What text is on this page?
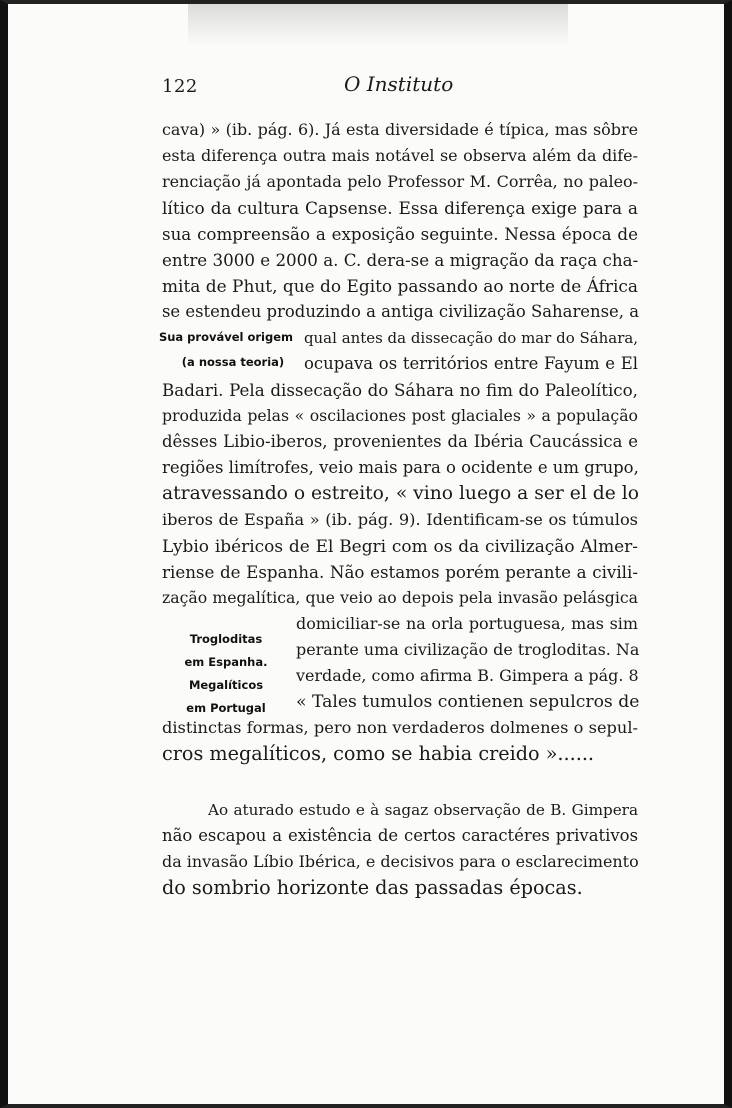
122	O Instituto
cava) » (ib. pág. 6). Já esta diversidade é típica, mas sôbre
esta diferença outra mais notável se observa além da dife-
renciação já apontada pelo Professor M. Corrêa, no paleo-
lítico da cultura Capsense. Essa diferença exige para a
sua compreensão a exposição seguinte. Nessa época de
entre 3000 e 2000 a. C. dera-se a migração da raça cha-
mita de Phut, que do Egito passando ao norte de África
se estendeu produzindo a antiga civilização Saharense, a
qual antes da dissecação do mar do Sáhara,
ocupava os territórios entre Fayum e El
Badari. Pela dissecação do Sáhara no fim do Paleolítico,
produzida pelas « oscilaciones post glaciales » a população
dêsses Libio-iberos, provenientes da Ibéria Caucássica e
regiões limítrofes, veio mais para o ocidente e um grupo,
atravessando o estreito, « vino luego a ser el de lo
iberos de España » (ib. pág. 9). Identificam-se os túmulos
Lybio ibéricos de El Begri com os da civilização Almer-
riense de Espanha. Não estamos porém perante a civili-
zação megalítica, que veio ao depois pela invasão pelásgica
domiciliar-se na orla portuguesa, mas sim
perante uma civilização de trogloditas. Na
verdade, como afirma B. Gimpera a pág. 8
« Tales tumulos contienen sepulcros de
distinctas formas, pero non verdaderos dolmenes o sepul-
cros megalíticos, como se habia creido »......
Ao aturado estudo e à sagaz observação de B. Gimpera
não escapou a existência de certos caractéres privativos
da invasão Líbio Ibérica, e decisivos para o esclarecimento
do sombrio horizonte das passadas épocas.
Sua provável origem
(a nossa teoria)
Trogloditas
em Espanha.
Megalíticos
em Portugal
